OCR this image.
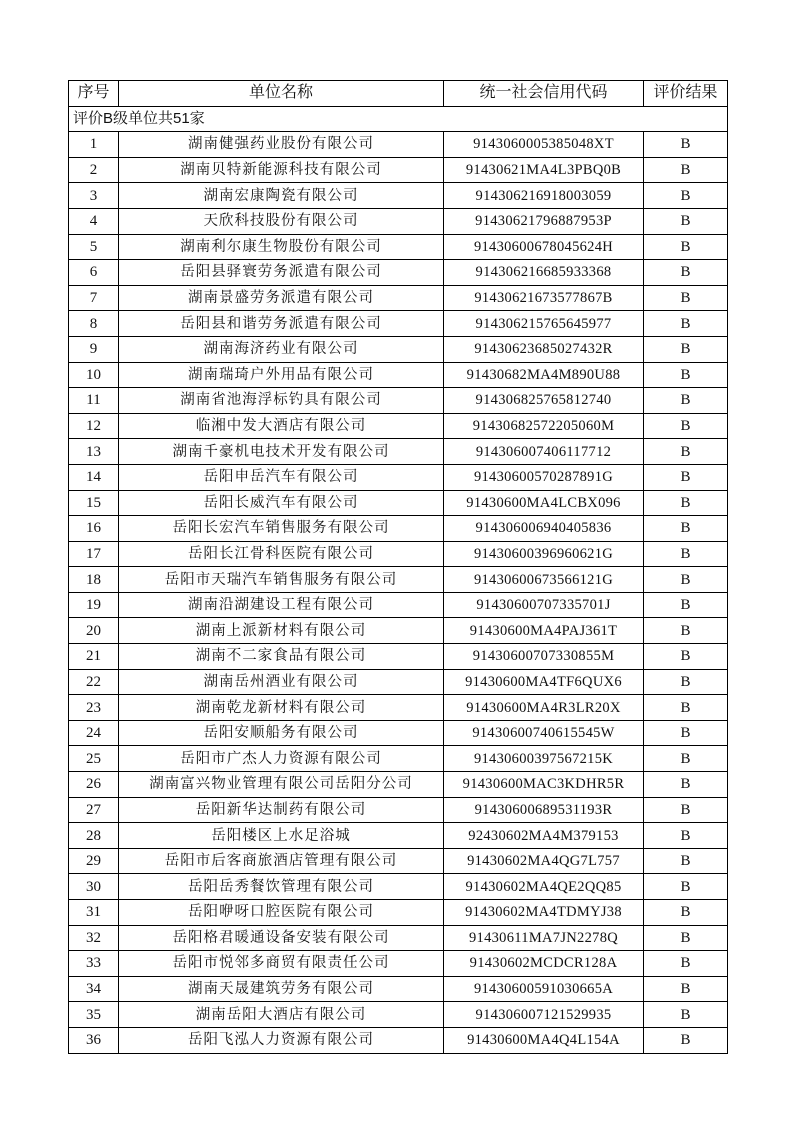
序号	单位名称	统一社会信用代码	评价结果
评价B级单位共51家			
1	湖南健强药业股份有限公司	9143060005385048XT	B
2	湖南贝特新能源科技有限公司	91430621MA4L3PBQ0B	B
3	湖南宏康陶瓷有限公司	914306216918003059	B
4	天欣科技股份有限公司	91430621796887953P	B
5	湖南利尔康生物股份有限公司	91430600678045624H	B
6	岳阳县驿寰劳务派遣有限公司	914306216685933368	B
7	湖南景盛劳务派遣有限公司	91430621673577867B	B
8	岳阳县和谐劳务派遣有限公司	914306215765645977	B
9	湖南海济药业有限公司	91430623685027432R	B
10	湖南瑞琦户外用品有限公司	91430682MA4M890U88	B
11	湖南省池海浮标钓具有限公司	914306825765812740	B
12	临湘中发大酒店有限公司	91430682572205060M	B
13	湖南千豪机电技术开发有限公司	914306007406117712	B
14	岳阳申岳汽车有限公司	91430600570287891G	B
15	岳阳长威汽车有限公司	91430600MA4LCBX096	B
16	岳阳长宏汽车销售服务有限公司	914306006940405836	B
17	岳阳长江骨科医院有限公司	91430600396960621G	B
18	岳阳市天瑞汽车销售服务有限公司	91430600673566121G	B
19	湖南沿湖建设工程有限公司	91430600707335701J	B
20	湖南上派新材料有限公司	91430600MA4PAJ361T	B
21	湖南不二家食品有限公司	91430600707330855M	B
22	湖南岳州酒业有限公司	91430600MA4TF6QUX6	B
23	湖南乾龙新材料有限公司	91430600MA4R3LR20X	B
24	岳阳安顺船务有限公司	91430600740615545W	B
25	岳阳市广杰人力资源有限公司	91430600397567215K	B
26	湖南富兴物业管理有限公司岳阳分公司	91430600MAC3KDHR5R	B
27	岳阳新华达制药有限公司	91430600689531193R	B
28	岳阳楼区上水足浴城	92430602MA4M379153	B
29	岳阳市后客商旅酒店管理有限公司	91430602MA4QG7L757	B
30	岳阳岳秀餐饮管理有限公司	91430602MA4QE2QQ85	B
31	岳阳咿呀口腔医院有限公司	91430602MA4TDMYJ38	B
32	岳阳格君暖通设备安装有限公司	91430611MA7JN2278Q	B
33	岳阳市悦邻多商贸有限责任公司	91430602MCDCR128A	B
34	湖南天晟建筑劳务有限公司	91430600591030665A	B
35	湖南岳阳大酒店有限公司	914306007121529935	B
36	岳阳飞泓人力资源有限公司	91430600MA4Q4L154A	B
